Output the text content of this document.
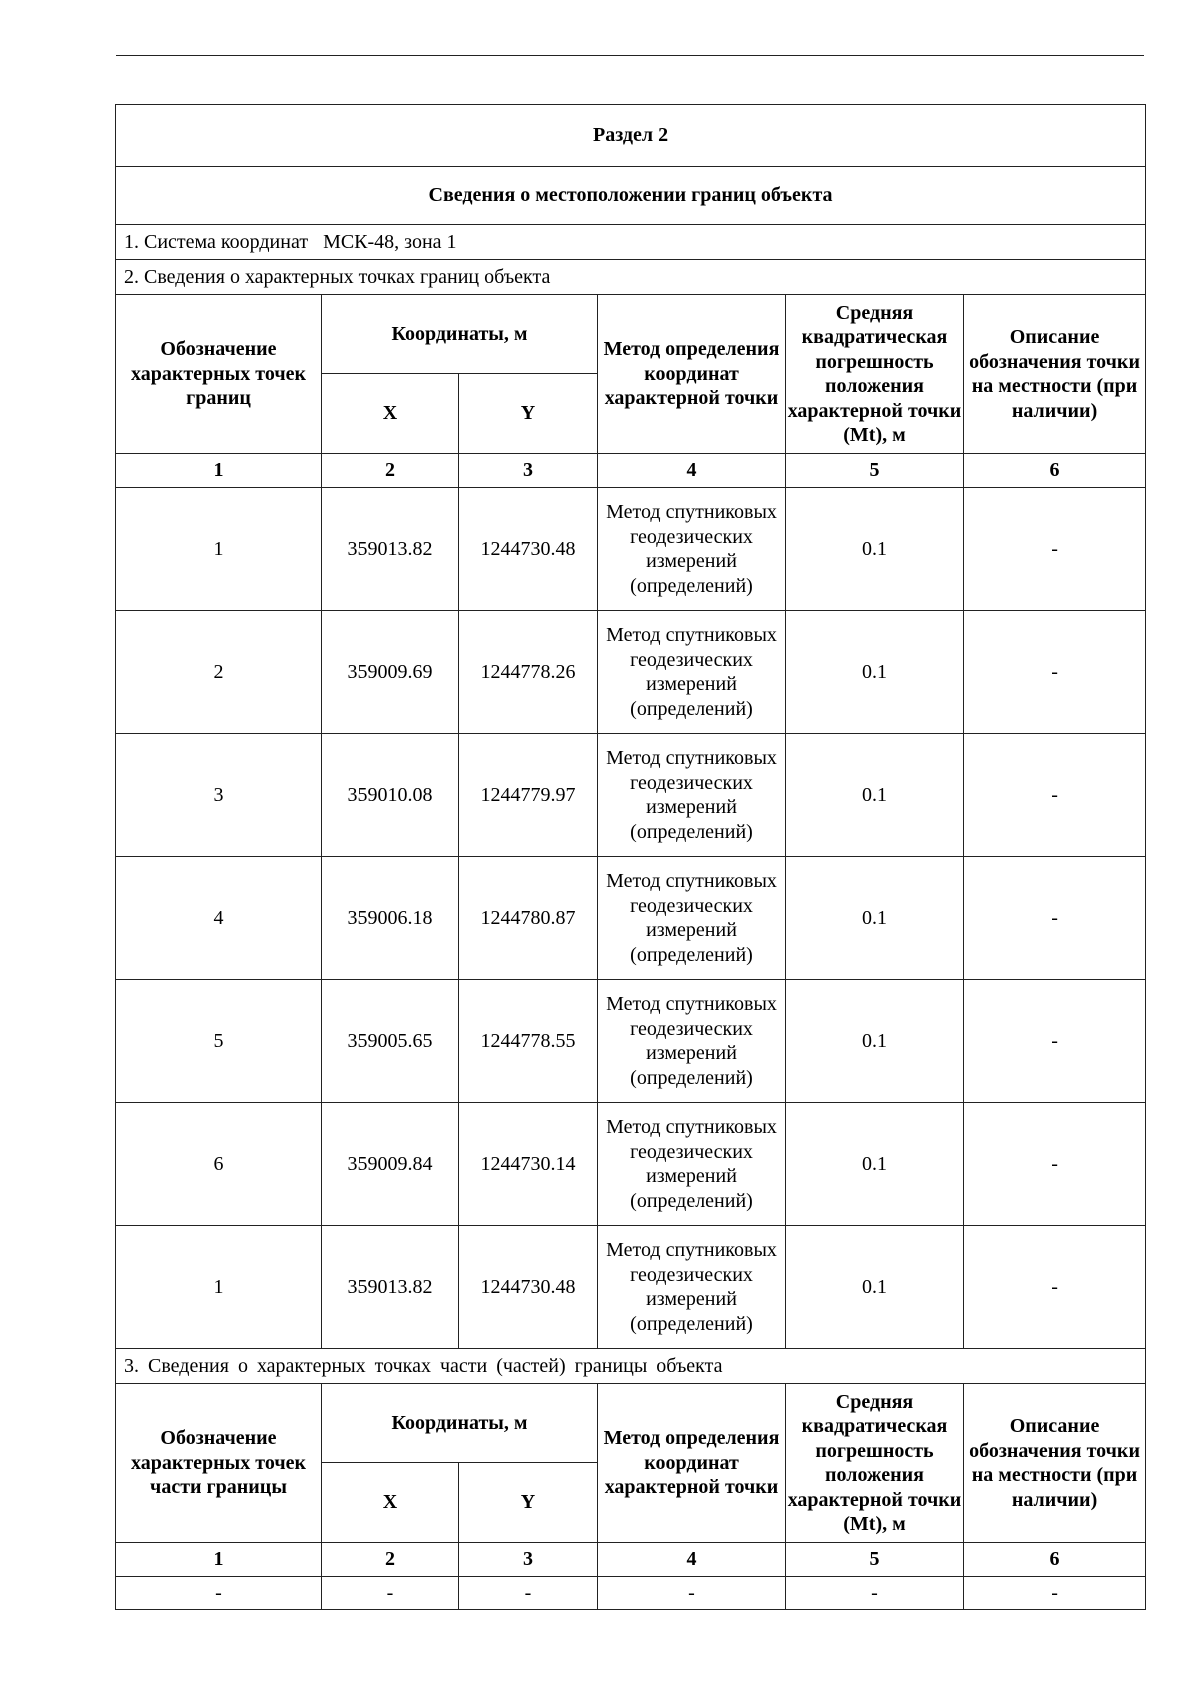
Раздел 2					
Сведения о местоположении границ объекта					
1. Система координат МСК-48, зона 1					
2. Сведения о характерных точках границ объекта					
Обозначение характерных точек границ	Координаты, м		Метод определения координат характерной точки	Средняя квадратическая погрешность положения характерной точки (Mt), м	Описание обозначения точки на местности (при наличии)
	X	Y			
1	2	3	4	5	6
1	359013.82	1244730.48	Метод спутниковых геодезических измерений (определений)	0.1	-
2	359009.69	1244778.26	Метод спутниковых геодезических измерений (определений)	0.1	-
3	359010.08	1244779.97	Метод спутниковых геодезических измерений (определений)	0.1	-
4	359006.18	1244780.87	Метод спутниковых геодезических измерений (определений)	0.1	-
5	359005.65	1244778.55	Метод спутниковых геодезических измерений (определений)	0.1	-
6	359009.84	1244730.14	Метод спутниковых геодезических измерений (определений)	0.1	-
1	359013.82	1244730.48	Метод спутниковых геодезических измерений (определений)	0.1	-
3. Сведения о характерных точках части (частей) границы объекта					
Обозначение характерных точек части границы	Координаты, м		Метод определения координат характерной точки	Средняя квадратическая погрешность положения характерной точки (Mt), м	Описание обозначения точки на местности (при наличии)
	X	Y			
1	2	3	4	5	6
-	-	-	-	-	-
